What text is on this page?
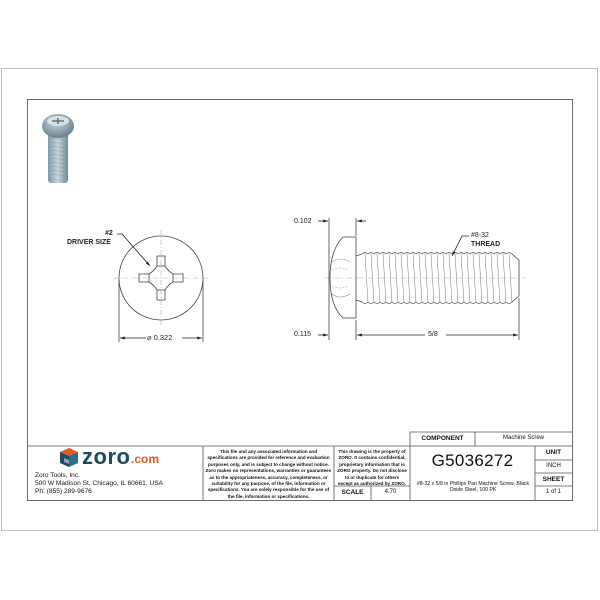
#2
DRIVER SIZE
⌀ 0.322
0.102
0.115	5/8
#8-32
THREAD
zoro .com
Zoro Tools, Inc.
500 W Madison St, Chicago, IL 60661, USA
Ph: (855) 289-9676
This file and any associated information and specifications are provided for reference and evaluation purposes only, and is subject to change without notice. Zoro makes no representations, warranties or guarantees as to the appropriateness, accuracy, completeness, or suitability for any purpose, of the file, information or specifications. You are solely responsible for the use of the file, information or specifications.
This drawing is the property of ZORO. It contains confidential, proprietary information that is ZORO property. Do not disclose to or duplicate for others except as authorized by ZORO.
SCALE	4.70
COMPONENT	Machine Screw
G5036272
#8-32 x 5/8 in Phillips Pan Machine Screw, Black Oxide Steel, 100 PK
UNIT
INCH
SHEET
1 of 1
